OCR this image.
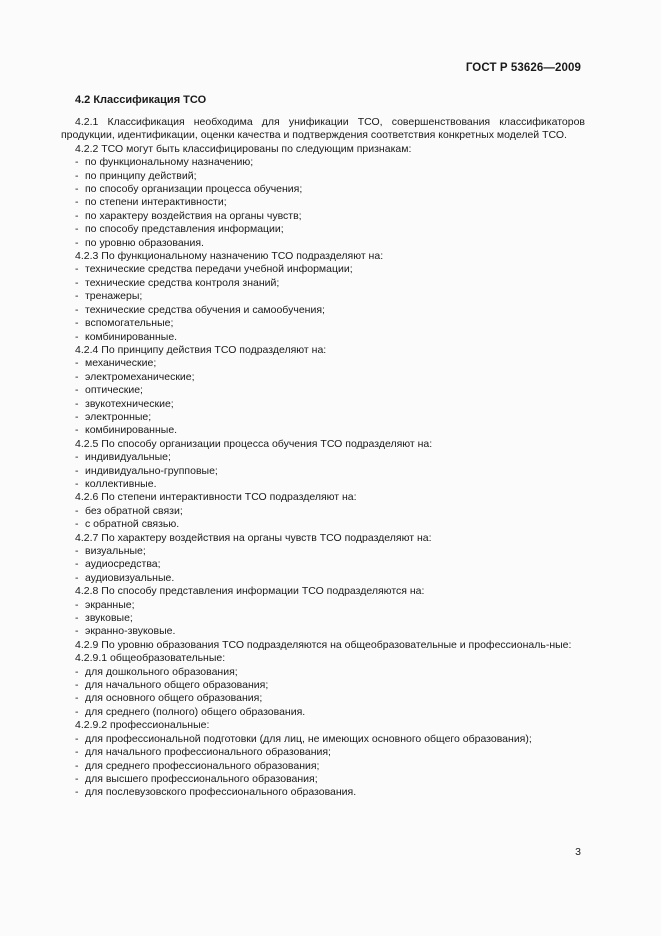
ГОСТ Р 53626—2009
4.2 Классификация ТСО
4.2.1 Классификация необходима для унификации ТСО, совершенствования классификаторов продукции, идентификации, оценки качества и подтверждения соответствия конкретных моделей ТСО.
4.2.2 ТСО могут быть классифицированы по следующим признакам:
- по функциональному назначению;
- по принципу действий;
- по способу организации процесса обучения;
- по степени интерактивности;
- по характеру воздействия на органы чувств;
- по способу представления информации;
- по уровню образования.
4.2.3 По функциональному назначению ТСО подразделяют на:
- технические средства передачи учебной информации;
- технические средства контроля знаний;
- тренажеры;
- технические средства обучения и самообучения;
- вспомогательные;
- комбинированные.
4.2.4 По принципу действия ТСО подразделяют на:
- механические;
- электромеханические;
- оптические;
- звукотехнические;
- электронные;
- комбинированные.
4.2.5 По способу организации процесса обучения ТСО подразделяют на:
- индивидуальные;
- индивидуально-групповые;
- коллективные.
4.2.6 По степени интерактивности ТСО подразделяют на:
- без обратной связи;
- с обратной связью.
4.2.7 По характеру воздействия на органы чувств ТСО подразделяют на:
- визуальные;
- аудиосредства;
- аудиовизуальные.
4.2.8 По способу представления информации ТСО подразделяются на:
- экранные;
- звуковые;
- экранно-звуковые.
4.2.9 По уровню образования ТСО подразделяются на общеобразовательные и профессиональ-ные:
4.2.9.1 общеобразовательные:
- для дошкольного образования;
- для начального общего образования;
- для основного общего образования;
- для среднего (полного) общего образования.
4.2.9.2 профессиональные:
- для профессиональной подготовки (для лиц, не имеющих основного общего образования);
- для начального профессионального образования;
- для среднего профессионального образования;
- для высшего профессионального образования;
- для послевузовского профессионального образования.
3
